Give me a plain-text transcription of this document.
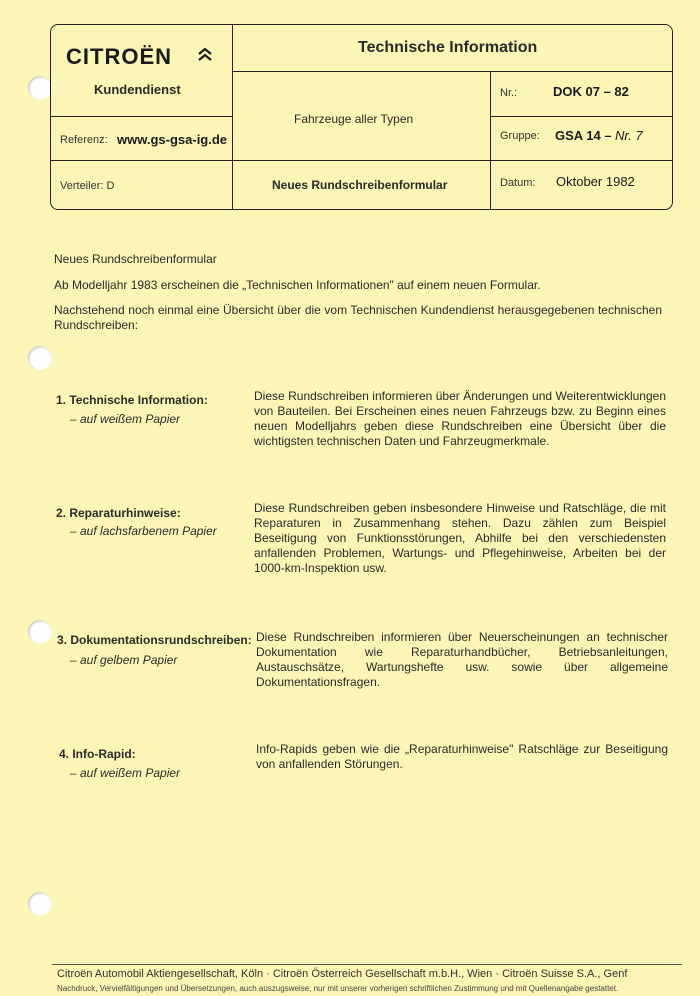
CITROËN
Kundendienst
Technische Information
Nr.:	DOK 07 – 82
Fahrzeuge aller Typen
Referenz: www.gs-gsa-ig.de	Gruppe: GSA 14 – Nr. 7
Verteiler: D	Neues Rundschreibenformular	Datum: Oktober 1982
Neues Rundschreibenformular
Ab Modelljahr 1983 erscheinen die „Technischen Informationen" auf einem neuen Formular.
Nachstehend noch einmal eine Übersicht über die vom Technischen Kundendienst herausgegebenen technischen Rundschreiben:
1. Technische Information:
– auf weißem Papier
Diese Rundschreiben informieren über Änderungen und Weiterentwicklungen von Bauteilen. Bei Erscheinen eines neuen Fahrzeugs bzw. zu Beginn eines neuen Modelljahrs geben diese Rundschreiben eine Übersicht über die wichtigsten technischen Daten und Fahrzeugmerkmale.
2. Reparaturhinweise:
– auf lachsfarbenem Papier
Diese Rundschreiben geben insbesondere Hinweise und Ratschläge, die mit Reparaturen in Zusammenhang stehen. Dazu zählen zum Beispiel Beseitigung von Funktionsstörungen, Abhilfe bei den verschiedensten anfallenden Problemen, Wartungs- und Pflegehinweise, Arbeiten bei der 1000-km-Inspektion usw.
3. Dokumentationsrundschreiben:
– auf gelbem Papier
Diese Rundschreiben informieren über Neuerscheinungen an technischer Dokumentation wie Reparaturhandbücher, Betriebsanleitungen, Austauschsätze, Wartungshefte usw. sowie über allgemeine Dokumentationsfragen.
4. Info-Rapid:
– auf weißem Papier
Info-Rapids geben wie die „Reparaturhinweise" Ratschläge zur Beseitigung von anfallenden Störungen.
Citroën Automobil Aktiengesellschaft, Köln · Citroën Österreich Gesellschaft m.b.H., Wien · Citroën Suisse S.A., Genf
Nachdruck, Vervielfältigungen und Übersetzungen, auch auszugsweise, nur mit unserer vorherigen schriftlichen Zustimmung und mit Quellenangabe gestattet.
